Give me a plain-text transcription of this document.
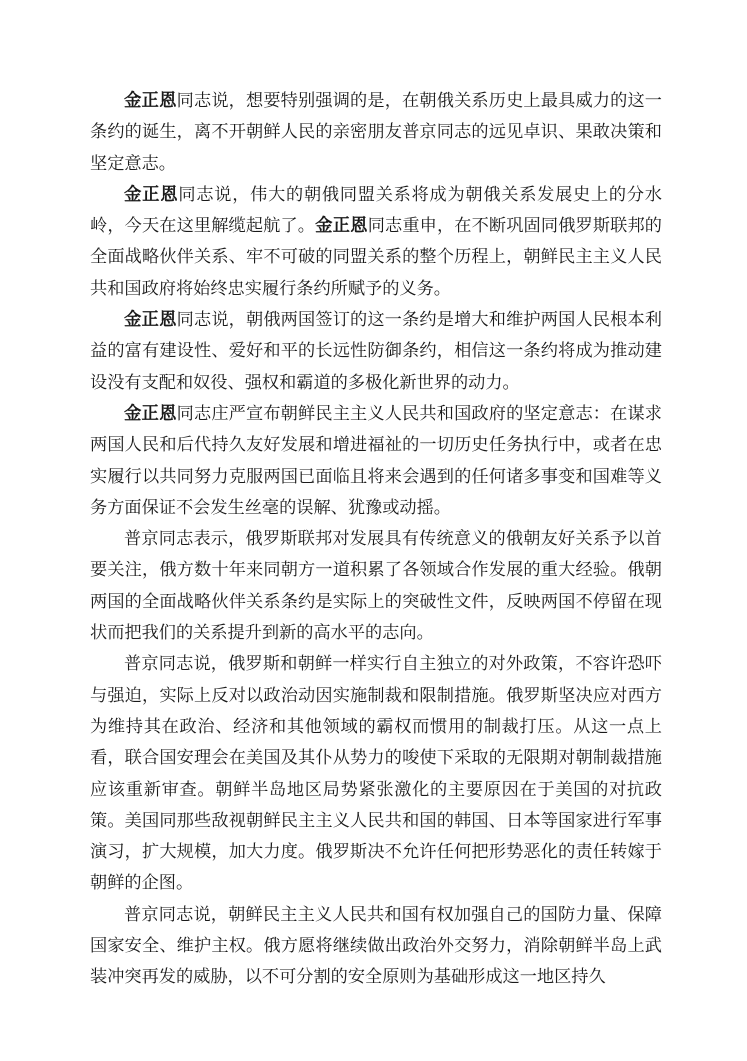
金正恩同志说，想要特别强调的是，在朝俄关系历史上最具威力的这一条约的诞生，离不开朝鲜人民的亲密朋友普京同志的远见卓识、果敢决策和坚定意志。

金正恩同志说，伟大的朝俄同盟关系将成为朝俄关系发展史上的分水岭，今天在这里解缆起航了。金正恩同志重申，在不断巩固同俄罗斯联邦的全面战略伙伴关系、牢不可破的同盟关系的整个历程上，朝鲜民主主义人民共和国政府将始终忠实履行条约所赋予的义务。

金正恩同志说，朝俄两国签订的这一条约是增大和维护两国人民根本利益的富有建设性、爱好和平的长远性防御条约，相信这一条约将成为推动建设没有支配和奴役、强权和霸道的多极化新世界的动力。

金正恩同志庄严宣布朝鲜民主主义人民共和国政府的坚定意志：在谋求两国人民和后代持久友好发展和增进福祉的一切历史任务执行中，或者在忠实履行以共同努力克服两国已面临且将来会遇到的任何诸多事变和国难等义务方面保证不会发生丝毫的误解、犹豫或动摇。

普京同志表示，俄罗斯联邦对发展具有传统意义的俄朝友好关系予以首要关注，俄方数十年来同朝方一道积累了各领域合作发展的重大经验。俄朝两国的全面战略伙伴关系条约是实际上的突破性文件，反映两国不停留在现状而把我们的关系提升到新的高水平的志向。

普京同志说，俄罗斯和朝鲜一样实行自主独立的对外政策，不容许恐吓与强迫，实际上反对以政治动因实施制裁和限制措施。俄罗斯坚决应对西方为维持其在政治、经济和其他领域的霸权而惯用的制裁打压。从这一点上看，联合国安理会在美国及其仆从势力的唆使下采取的无限期对朝制裁措施应该重新审查。朝鲜半岛地区局势紧张激化的主要原因在于美国的对抗政策。美国同那些敌视朝鲜民主主义人民共和国的韩国、日本等国家进行军事演习，扩大规模，加大力度。俄罗斯决不允许任何把形势恶化的责任转嫁于朝鲜的企图。

普京同志说，朝鲜民主主义人民共和国有权加强自己的国防力量、保障国家安全、维护主权。俄方愿将继续做出政治外交努力，消除朝鲜半岛上武装冲突再发的威胁，以不可分割的安全原则为基础形成这一地区持久
